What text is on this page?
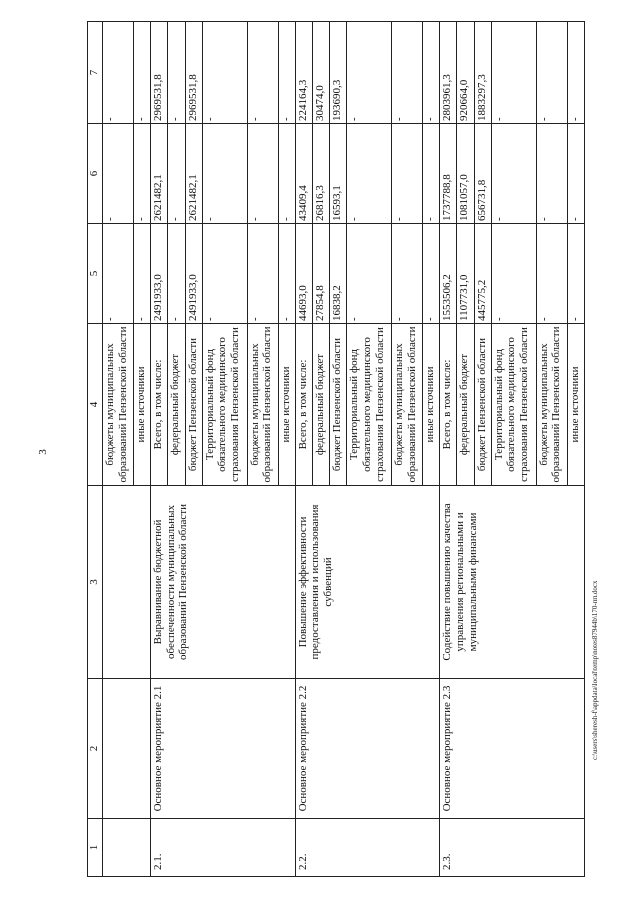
3
1	2	3	4	5	6	7
			бюджеты муниципальных образований Пензенской области	-	-	-
			иные источники	-	-	-
2.1.	Основное мероприятие 2.1	Выравнивание бюджетной обеспеченности муниципальных образований Пензенской области	Всего, в том числе:	2491933,0	2621482,1	2969531,8
			федеральный бюджет	-	-	-
			бюджет Пензенской области	2491933,0	2621482,1	2969531,8
			Территориальный фонд обязательного медицинского страхования Пензенской области	-	-	-
			бюджеты муниципальных образований Пензенской области	-	-	-
			иные источники	-	-	-
2.2.	Основное мероприятие 2.2	Повышение эффективности предоставления и использования субвенций	Всего, в том числе:	44693,0	43409,4	224164,3
			федеральный бюджет	27854,8	26816,3	30474,0
			бюджет Пензенской области	16838,2	16593,1	193690,3
			Территориальный фонд обязательного медицинского страхования Пензенской области	-	-	-
			бюджеты муниципальных образований Пензенской области	-	-	-
			иные источники	-	-	-
2.3.	Основное мероприятие 2.3	Содействие повышению качества управления региональными и муниципальными финансами	Всего, в том числе:	1553506,2	1737788,8	2803961,3
			федеральный бюджет	1107731,0	1081057,0	920664,0
			бюджет Пензенской области	445775,2	656731,8	1883297,3
			Территориальный фонд обязательного медицинского страхования Пензенской области	-	-	-
			бюджеты муниципальных образований Пензенской области	-	-	-
			иные источники	-	-	-
c:\users\sheresh-f\appdata\local\temp\notes87944b\170-пп.docx
